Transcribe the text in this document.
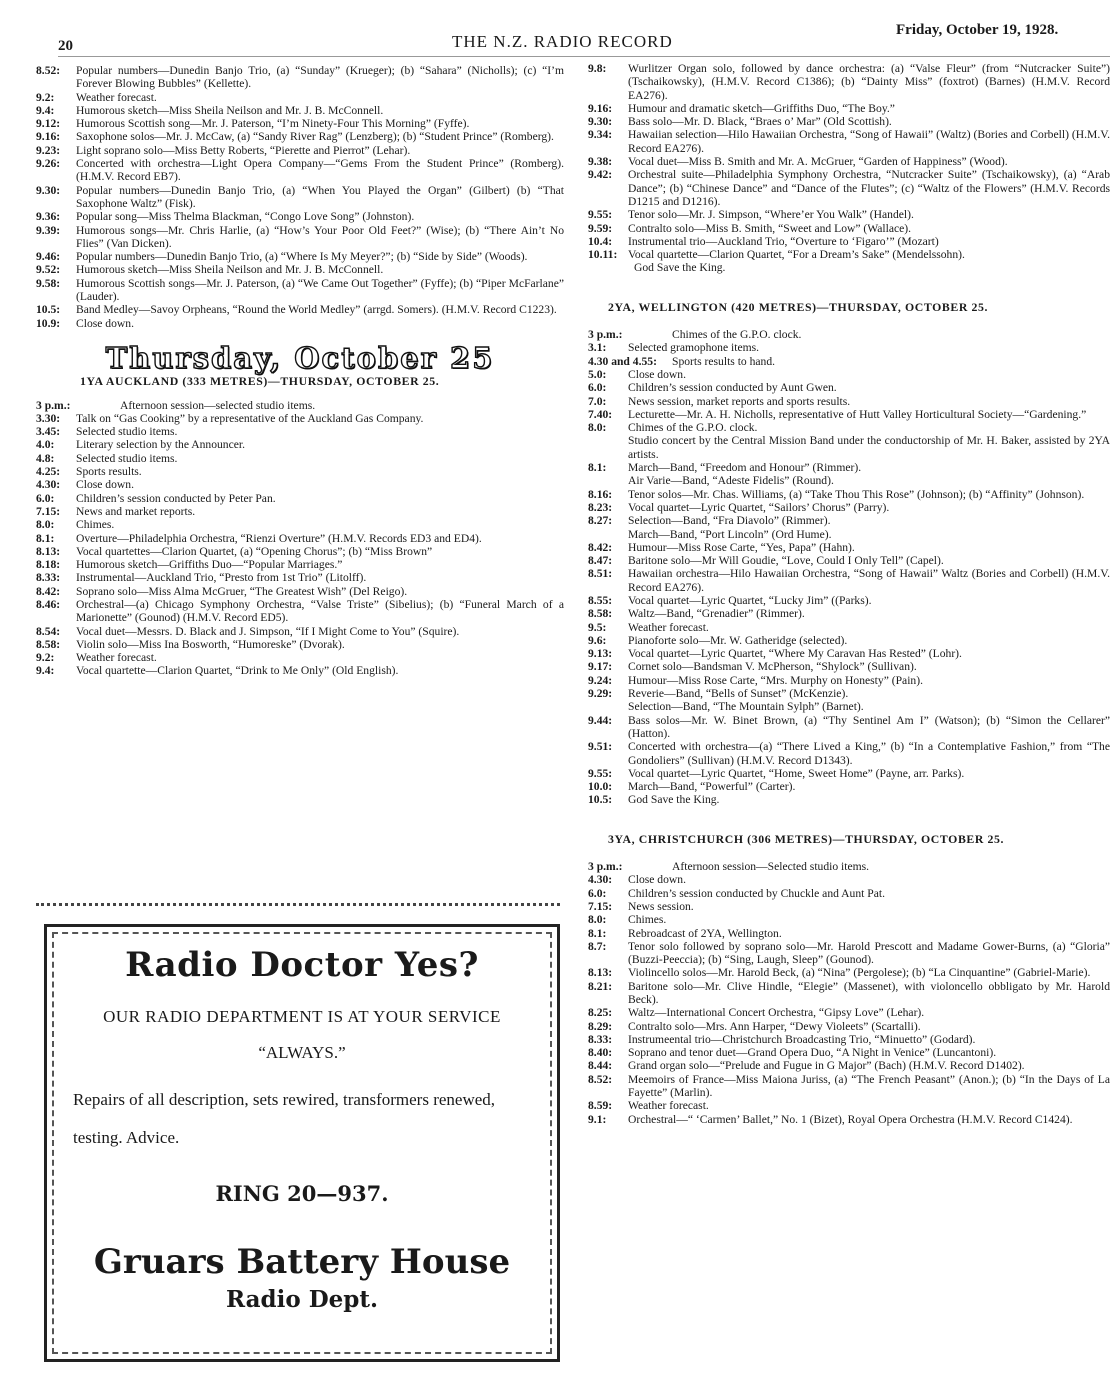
20	THE N.Z. RADIO RECORD
Friday, October 19, 1928.
8.52:	Popular numbers—Dunedin Banjo Trio, (a) “Sunday” (Krueger); (b) “Sahara” (Nicholls); (c) “I’m Forever Blowing Bubbles” (Kellette).
9.2:	Weather forecast.
9.4:	Humorous sketch—Miss Sheila Neilson and Mr. J. B. McConnell.
9.12:	Humorous Scottish song—Mr. J. Paterson, “I’m Ninety-Four This Morning” (Fyffe).
9.16:	Saxophone solos—Mr. J. McCaw, (a) “Sandy River Rag” (Lenzberg); (b) “Student Prince” (Romberg).
9.23:	Light soprano solo—Miss Betty Roberts, “Pierette and Pierrot” (Lehar).
9.26:	Concerted with orchestra—Light Opera Company—“Gems From the Student Prince” (Romberg). (H.M.V. Record EB7).
9.30:	Popular numbers—Dunedin Banjo Trio, (a) “When You Played the Organ” (Gilbert) (b) “That Saxophone Waltz” (Fisk).
9.36:	Popular song—Miss Thelma Blackman, “Congo Love Song” (Johnston).
9.39:	Humorous songs—Mr. Chris Harlie, (a) “How’s Your Poor Old Feet?” (Wise); (b) “There Ain’t No Flies” (Van Dicken).
9.46:	Popular numbers—Dunedin Banjo Trio, (a) “Where Is My Meyer?”; (b) “Side by Side” (Woods).
9.52:	Humorous sketch—Miss Sheila Neilson and Mr. J. B. McConnell.
9.58:	Humorous Scottish songs—Mr. J. Paterson, (a) “We Came Out Together” (Fyffe); (b) “Piper McFarlane” (Lauder).
10.5:	Band Medley—Savoy Orpheans, “Round the World Medley” (arrgd. Somers). (H.M.V. Record C1223).
10.9:	Close down.
Thursday, October 25
1YA AUCKLAND (333 METRES)—THURSDAY, OCTOBER 25.
3 p.m.:	Afternoon session—selected studio items.
3.30:	Talk on “Gas Cooking” by a representative of the Auckland Gas Company.
3.45:	Selected studio items.
4.0:	Literary selection by the Announcer.
4.8:	Selected studio items.
4.25:	Sports results.
4.30:	Close down.
6.0:	Children’s session conducted by Peter Pan.
7.15:	News and market reports.
8.0:	Chimes.
8.1:	Overture—Philadelphia Orchestra, “Rienzi Overture” (H.M.V. Records ED3 and ED4).
8.13:	Vocal quartettes—Clarion Quartet, (a) “Opening Chorus”; (b) “Miss Brown”
8.18:	Humorous sketch—Griffiths Duo—“Popular Marriages.”
8.33:	Instrumental—Auckland Trio, “Presto from 1st Trio” (Litolff).
8.42:	Soprano solo—Miss Alma McGruer, “The Greatest Wish” (Del Reigo).
8.46:	Orchestral—(a) Chicago Symphony Orchestra, “Valse Triste” (Sibelius); (b) “Funeral March of a Marionette” (Gounod) (H.M.V. Record ED5).
8.54:	Vocal duet—Messrs. D. Black and J. Simpson, “If I Might Come to You” (Squire).
8.58:	Violin solo—Miss Ina Bosworth, “Humoreske” (Dvorak).
9.2:	Weather forecast.
9.4:	Vocal quartette—Clarion Quartet, “Drink to Me Only” (Old English).
Radio Doctor Yes?
OUR RADIO DEPARTMENT IS AT YOUR SERVICE
“ALWAYS.”
Repairs of all description, sets rewired, transformers renewed, testing. Advice.
RING 20—937.
Gruars Battery House
Radio Dept.
9.8:	Wurlitzer Organ solo, followed by dance orchestra: (a) “Valse Fleur” (from “Nutcracker Suite”) (Tschaikowsky), (H.M.V. Record C1386); (b) “Dainty Miss” (foxtrot) (Barnes) (H.M.V. Record EA276).
9.16:	Humour and dramatic sketch—Griffiths Duo, “The Boy.”
9.30:	Bass solo—Mr. D. Black, “Braes o’ Mar” (Old Scottish).
9.34:	Hawaiian selection—Hilo Hawaiian Orchestra, “Song of Hawaii” (Waltz) (Bories and Corbell) (H.M.V. Record EA276).
9.38:	Vocal duet—Miss B. Smith and Mr. A. McGruer, “Garden of Happiness” (Wood).
9.42:	Orchestral suite—Philadelphia Symphony Orchestra, “Nutcracker Suite” (Tschaikowsky), (a) “Arab Dance”; (b) “Chinese Dance” and “Dance of the Flutes”; (c) “Waltz of the Flowers” (H.M.V. Records D1215 and D1216).
9.55:	Tenor solo—Mr. J. Simpson, “Where’er You Walk” (Handel).
9.59:	Contralto solo—Miss B. Smith, “Sweet and Low” (Wallace).
10.4:	Instrumental trio—Auckland Trio, “Overture to ‘Figaro’” (Mozart)
10.11: Vocal quartette—Clarion Quartet, “For a Dream’s Sake” (Mendelssohn).
God Save the King.
2YA, WELLINGTON (420 METRES)—THURSDAY, OCTOBER 25.
3 p.m.:	Chimes of the G.P.O. clock.
3.1:	Selected gramophone items.
4.30 and 4.55:	Sports results to hand.
5.0:	Close down.
6.0:	Children’s session conducted by Aunt Gwen.
7.0:	News session, market reports and sports results.
7.40:	Lecturette—Mr. A. H. Nicholls, representative of Hutt Valley Horticultural Society—“Gardening.”
8.0:	Chimes of the G.P.O. clock.
Studio concert by the Central Mission Band under the conductorship of Mr. H. Baker, assisted by 2YA artists.
8.1:	March—Band, “Freedom and Honour” (Rimmer).
Air Varie—Band, “Adeste Fidelis” (Round).
8.16:	Tenor solos—Mr. Chas. Williams, (a) “Take Thou This Rose” (Johnson); (b) “Affinity” (Johnson).
8.23:	Vocal quartet—Lyric Quartet, “Sailors’ Chorus” (Parry).
8.27:	Selection—Band, “Fra Diavolo” (Rimmer).
March—Band, “Port Lincoln” (Ord Hume).
8.42:	Humour—Miss Rose Carte, “Yes, Papa” (Hahn).
8.47:	Baritone solo—Mr Will Goudie, “Love, Could I Only Tell” (Capel).
8.51:	Hawaiian orchestra—Hilo Hawaiian Orchestra, “Song of Hawaii” Waltz (Bories and Corbell) (H.M.V. Record EA276).
8.55:	Vocal quartet—Lyric Quartet, “Lucky Jim” ((Parks).
8.58:	Waltz—Band, “Grenadier” (Rimmer).
9.5:	Weather forecast.
9.6:	Pianoforte solo—Mr. W. Gatheridge (selected).
9.13:	Vocal quartet—Lyric Quartet, “Where My Caravan Has Rested” (Lohr).
9.17:	Cornet solo—Bandsman V. McPherson, “Shylock” (Sullivan).
9.24:	Humour—Miss Rose Carte, “Mrs. Murphy on Honesty” (Pain).
9.29:	Reverie—Band, “Bells of Sunset” (McKenzie).
Selection—Band, “The Mountain Sylph” (Barnet).
9.44:	Bass solos—Mr. W. Binet Brown, (a) “Thy Sentinel Am I” (Watson); (b) “Simon the Cellarer” (Hatton).
9.51:	Concerted with orchestra—(a) “There Lived a King,” (b) “In a Contemplative Fashion,” from “The Gondoliers” (Sullivan) (H.M.V. Record D1343).
9.55:	Vocal quartet—Lyric Quartet, “Home, Sweet Home” (Payne, arr. Parks).
10.0:	March—Band, “Powerful” (Carter).
10.5:	God Save the King.
3YA, CHRISTCHURCH (306 METRES)—THURSDAY, OCTOBER 25.
3 p.m.:	Afternoon session—Selected studio items.
4.30:	Close down.
6.0:	Children’s session conducted by Chuckle and Aunt Pat.
7.15:	News session.
8.0:	Chimes.
8.1:	Rebroadcast of 2YA, Wellington.
8.7:	Tenor solo followed by soprano solo—Mr. Harold Prescott and Madame Gower-Burns, (a) “Gloria” (Buzzi-Peeccia); (b) “Sing, Laugh, Sleep” (Gounod).
8.13:	Violincello solos—Mr. Harold Beck, (a) “Nina” (Pergolese); (b) “La Cinquantine” (Gabriel-Marie).
8.21:	Baritone solo—Mr. Clive Hindle, “Elegie” (Massenet), with violoncello obbligato by Mr. Harold Beck).
8.25:	Waltz—International Concert Orchestra, “Gipsy Love” (Lehar).
8.29:	Contralto solo—Mrs. Ann Harper, “Dewy Violeets” (Scartalli).
8.33:	Instrumeental trio—Christchurch Broadcasting Trio, “Minuetto” (Godard).
8.40:	Soprano and tenor duet—Grand Opera Duo, “A Night in Venice” (Luncantoni).
8.44:	Grand organ solo—“Prelude and Fugue in G Major” (Bach) (H.M.V. Record D1402).
8.52:	Meemoirs of France—Miss Maiona Juriss, (a) “The French Peasant” (Anon.); (b) “In the Days of La Fayette” (Marlin).
8.59:	Weather forecast.
9.1:	Orchestral—“ ‘Carmen’ Ballet,” No. 1 (Bizet), Royal Opera Orchestra (H.M.V. Record C1424).
